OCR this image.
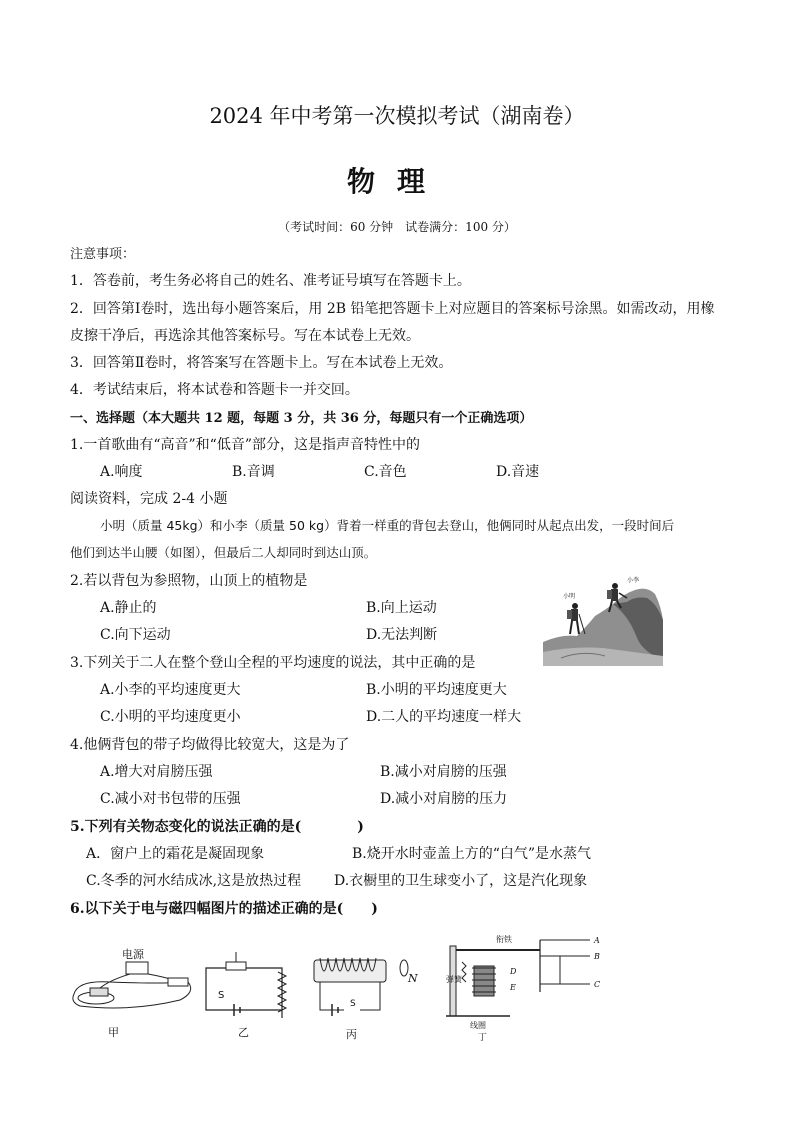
2024 年中考第一次模拟考试（湖南卷）
物理
（考试时间：60 分钟　试卷满分：100 分）
注意事项：
1．答卷前，考生务必将自己的姓名、准考证号填写在答题卡上。
2．回答第Ⅰ卷时，选出每小题答案后，用 2B 铅笔把答题卡上对应题目的答案标号涂黑。如需改动，用橡
皮擦干净后，再选涂其他答案标号。写在本试卷上无效。
3．回答第Ⅱ卷时，将答案写在答题卡上。写在本试卷上无效。
4．考试结束后，将本试卷和答题卡一并交回。
一、选择题（本大题共 12 题，每题 3 分，共 36 分，每题只有一个正确选项）
1.一首歌曲有“高音”和“低音”部分，这是指声音特性中的
A.响度	B.音调	C.音色	D.音速
阅读资料，完成 2-4 小题
小明（质量 45kg）和小李（质量 50 kg）背着一样重的背包去登山，他俩同时从起点出发，一段时间后
他们到达半山腰（如图），但最后二人却同时到达山顶。
2.若以背包为参照物，山顶上的植物是
A.静止的	B.向上运动
C.向下运动	D.无法判断
小李
小明
3.下列关于二人在整个登山全程的平均速度的说法，其中正确的是
A.小李的平均速度更大	B.小明的平均速度更大
C.小明的平均速度更小	D.二人的平均速度一样大
4.他俩背包的带子均做得比较宽大，这是为了
A.增大对肩膀压强	B.减小对肩膀的压强
C.减小对书包带的压强	D.减小对肩膀的压力
5.下列有关物态变化的说法正确的是(　　　　)
A．窗户上的霜花是凝固现象	B.烧开水时壶盖上方的“白气”是水蒸气
C.冬季的河水结成冰,这是放热过程 D.衣橱里的卫生球变小了，这是汽化现象
6.以下关于电与磁四幅图片的描述正确的是(　　)
电源
甲
S
乙
S
N
丙
衔铁
弹簧
线圈
A
B
C
D
E
丁
